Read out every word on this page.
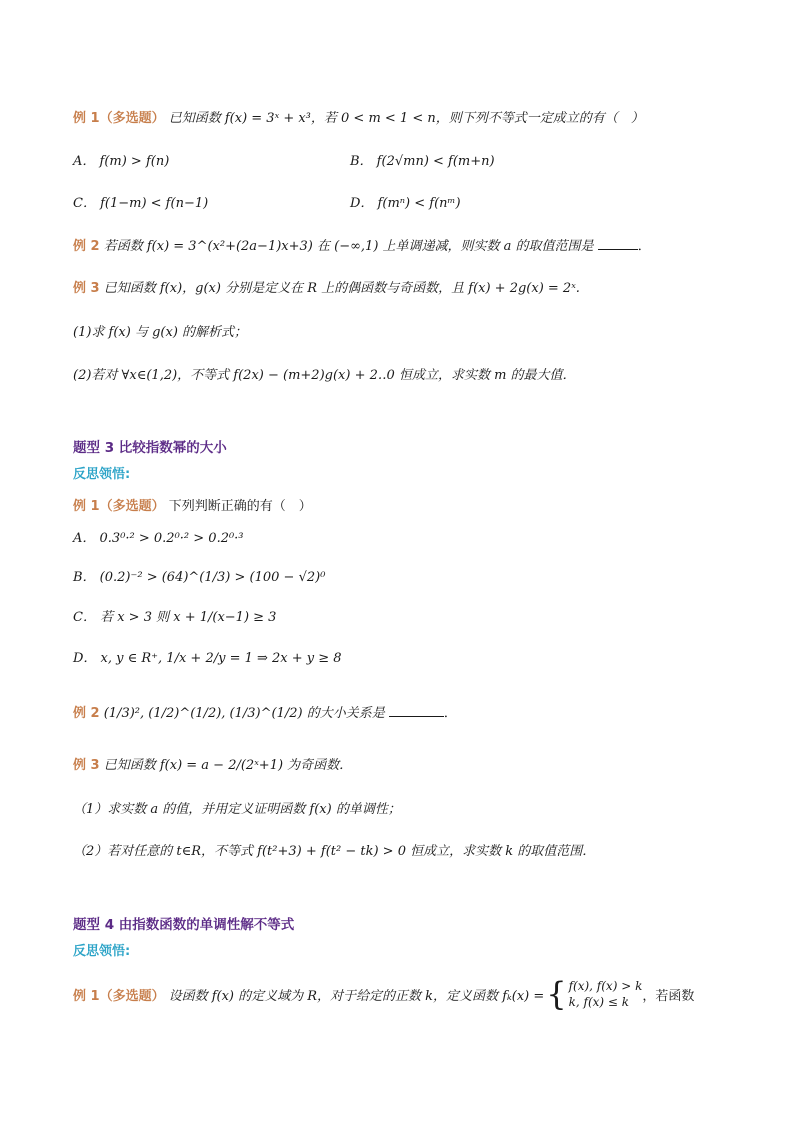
例 1（多选题） 已知函数 f(x) = 3ˣ + x³，若 0 < m < 1 < n，则下列不等式一定成立的有（　）
A． f(m) > f(n)	B． f(2√mn) < f(m+n)
C． f(1−m) < f(n−1)	D． f(mⁿ) < f(nᵐ)
例 2 若函数 f(x) = 3^(x²+(2a−1)x+3) 在 (−∞,1) 上单调递减，则实数 a 的取值范围是	．
例 3 已知函数 f(x)，g(x) 分别是定义在 R 上的偶函数与奇函数，且 f(x) + 2g(x) = 2ˣ.
(1)求 f(x) 与 g(x) 的解析式；
(2)若对 ∀x∈(1,2)，不等式 f(2x) − (m+2)g(x) + 2‥0 恒成立，求实数 m 的最大值．
题型 3 比较指数幂的大小
反思领悟:
例 1（多选题） 下列判断正确的有（　）
A． 0.3⁰·² > 0.2⁰·² > 0.2⁰·³
B． (0.2)⁻² > (64)^(1/3) > (100 − √2)⁰
C． 若 x > 3 则 x + 1/(x−1) ≥ 3
D． x, y ∈ R⁺, 1/x + 2/y = 1 ⇒ 2x + y ≥ 8
例 2 (1/3)², (1/2)^(1/2), (1/3)^(1/2) 的大小关系是	．
例 3 已知函数 f(x) = a − 2/(2ˣ+1) 为奇函数．
（1）求实数 a 的值，并用定义证明函数 f(x) 的单调性；
（2）若对任意的 t∈R，不等式 f(t²+3) + f(t² − tk) > 0 恒成立，求实数 k 的取值范围．
题型 4 由指数函数的单调性解不等式
反思领悟:
例 1（多选题） 设函数 f(x) 的定义域为 R，对于给定的正数 k，定义函数 fₖ(x) = { f(x), f(x) > k
k, f(x) ≤ k	，若函数
